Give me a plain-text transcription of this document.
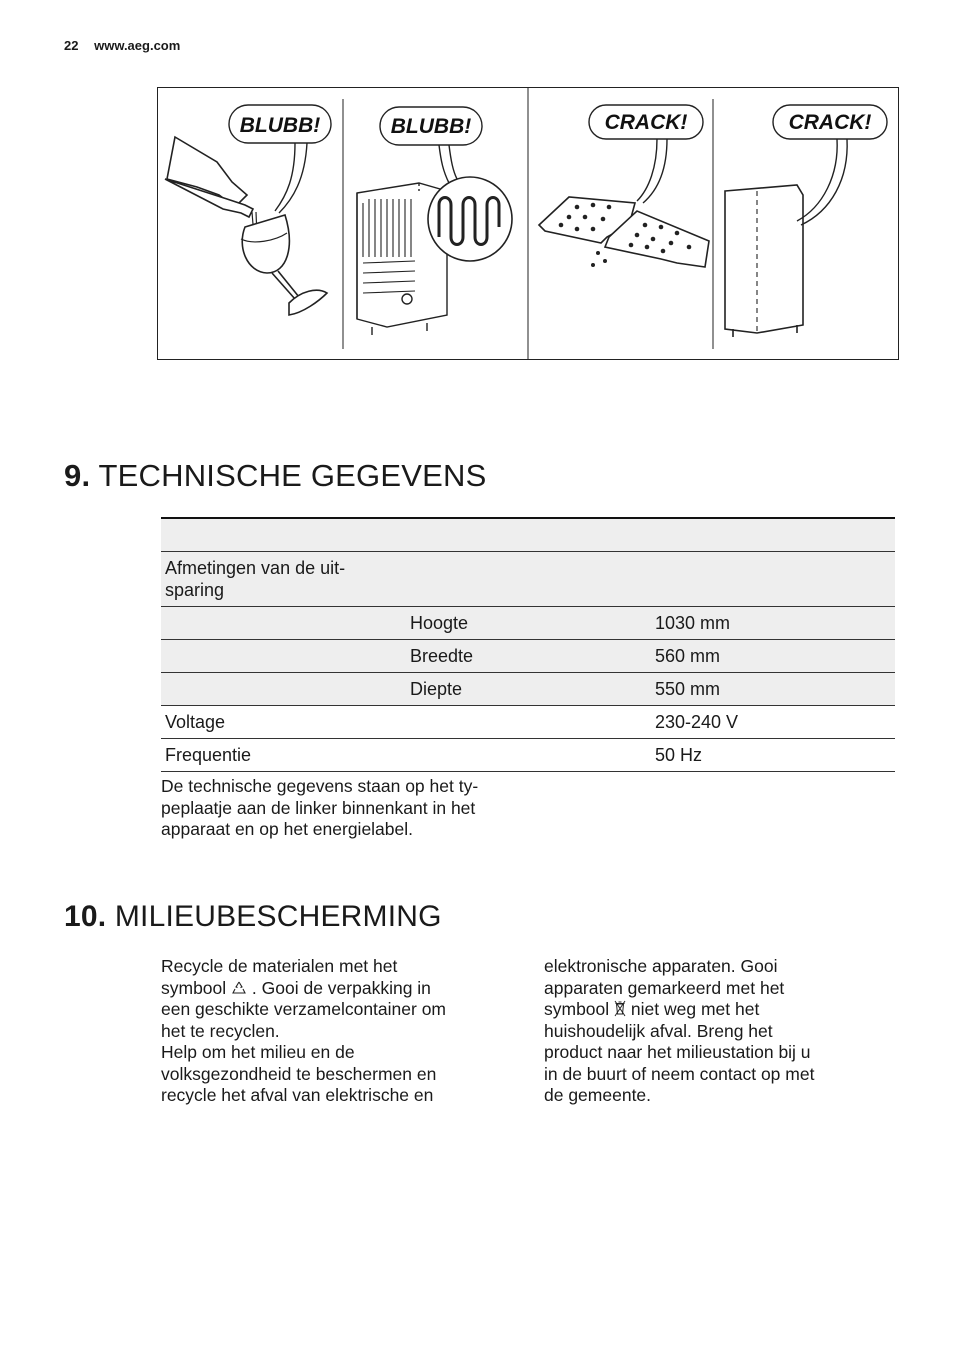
22 www.aeg.com
BLUBB!	BLUBB!	CRACK!	CRACK!
9. TECHNISCHE GEGEVENS

Afmetingen van de uit-
sparing		
	Hoogte	1030 mm
	Breedte	560 mm
	Diepte	550 mm
Voltage		230-240 V
Frequentie		50 Hz
De technische gegevens staan op het ty-
peplaatje aan de linker binnenkant in het
apparaat en op het energielabel.
10. MILIEUBESCHERMING

Recycle de materialen met het

symbool . Gooi de verpakking in

een geschikte verzamelcontainer om

het te recyclen.

Help om het milieu en de

volksgezondheid te beschermen en

recycle het afval van elektrische en

elektronische apparaten. Gooi

apparaten gemarkeerd met het

symbool niet weg met het

huishoudelijk afval. Breng het

product naar het milieustation bij u

in de buurt of neem contact op met

de gemeente.
